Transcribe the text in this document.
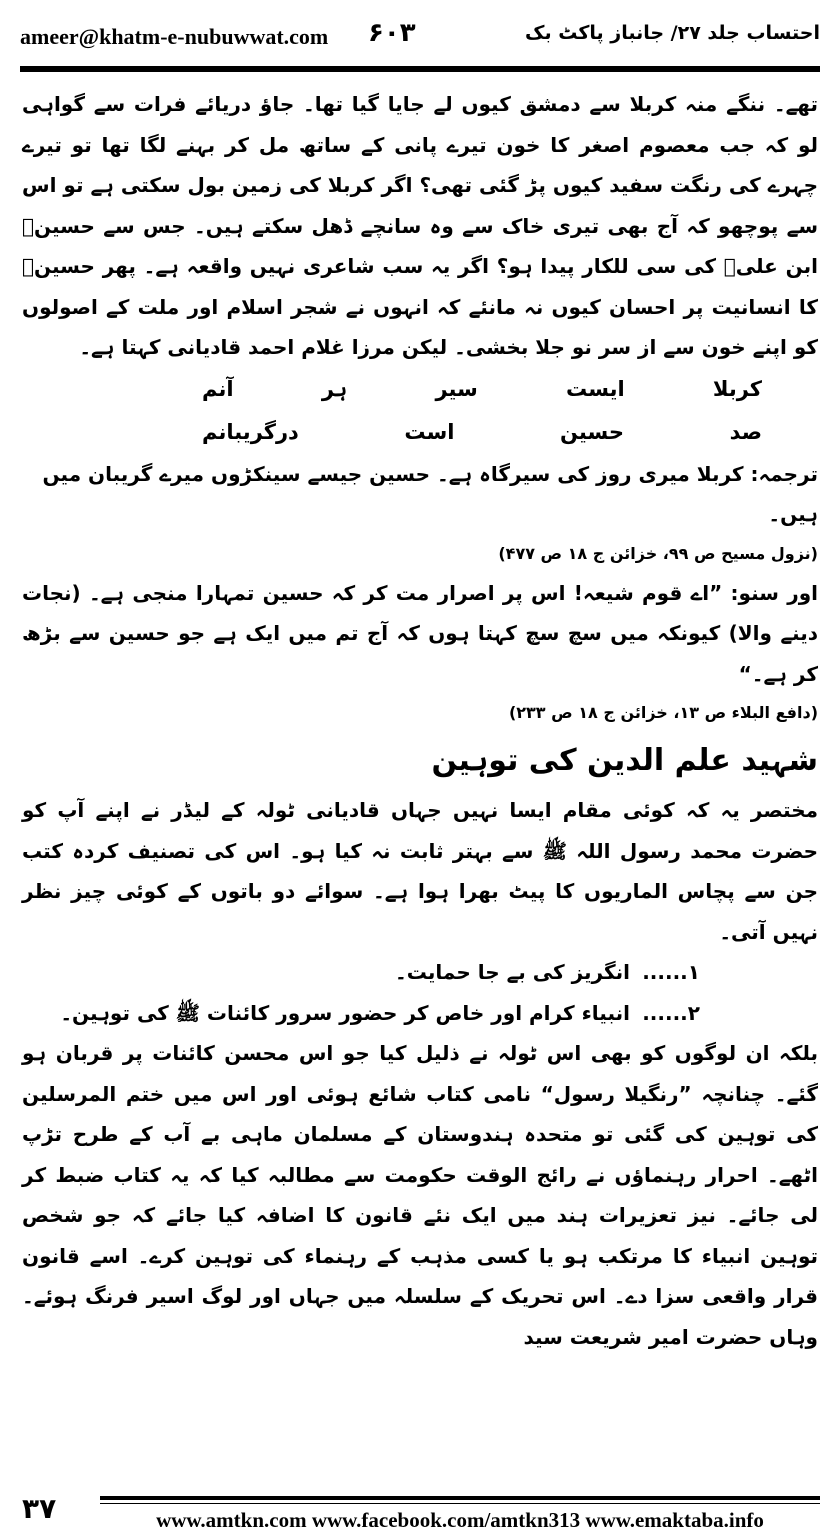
ameer@khatm-e-nubuwwat.com ۶۰۳	احتساب جلد ۲۷/ جانباز پاکٹ بک

تھے۔ ننگے منہ کربلا سے دمشق کیوں لے جایا گیا تھا۔ جاؤ دریائے فرات سے گواہی لو کہ جب معصوم اصغر کا خون تیرے پانی کے ساتھ مل کر بہنے لگا تھا تو تیرے چہرے کی رنگت سفید کیوں پڑ گئی تھی؟ اگر کربلا کی زمین بول سکتی ہے تو اس سے پوچھو کہ آج بھی تیری خاک سے وہ سانچے ڈھل سکتے ہیں۔ جس سے حسینؓ ابن علیؓ کی سی للکار پیدا ہو؟ اگر یہ سب شاعری نہیں واقعہ ہے۔ پھر حسینؓ کا انسانیت پر احسان کیوں نہ مانئے کہ انہوں نے شجر اسلام اور ملت کے اصولوں کو اپنے خون سے از سر نو جلا بخشی۔ لیکن مرزا غلام احمد قادیانی کہتا ہے۔

کربلا
ایست
سیر
ہر
آنم
صد
حسین
است
درگریبانم

ترجمہ: کربلا میری روز کی سیرگاہ ہے۔ حسین جیسے سینکڑوں میرے گریبان میں ہیں۔

(نزول مسیح ص ۹۹، خزائن ج ۱۸ ص ۴۷۷)

اور سنو: ”اے قوم شیعہ! اس پر اصرار مت کر کہ حسین تمہارا منجی ہے۔ (نجات دینے والا) کیونکہ میں سچ سچ کہتا ہوں کہ آج تم میں ایک ہے جو حسین سے بڑھ کر ہے۔“

(دافع البلاء ص ۱۳، خزائن ج ۱۸ ص ۲۳۳)

شہید علم الدین کی توہین

مختصر یہ کہ کوئی مقام ایسا نہیں جہاں قادیانی ٹولہ کے لیڈر نے اپنے آپ کو حضرت محمد رسول اللہ ﷺ سے بہتر ثابت نہ کیا ہو۔ اس کی تصنیف کردہ کتب جن سے پچاس الماریوں کا پیٹ بھرا ہوا ہے۔ سوائے دو باتوں کے کوئی چیز نظر نہیں آتی۔

۱......
انگریز کی بے جا حمایت۔
۲......
انبیاء کرام اور خاص کر حضور سرور کائنات ﷺ کی توہین۔

بلکہ ان لوگوں کو بھی اس ٹولہ نے ذلیل کیا جو اس محسن کائنات پر قربان ہو گئے۔ چنانچہ ”رنگیلا رسول“ نامی کتاب شائع ہوئی اور اس میں ختم المرسلین کی توہین کی گئی تو متحدہ ہندوستان کے مسلمان ماہی بے آب کے طرح تڑپ اٹھے۔ احرار رہنماؤں نے رائج الوقت حکومت سے مطالبہ کیا کہ یہ کتاب ضبط کر لی جائے۔ نیز تعزیرات ہند میں ایک نئے قانون کا اضافہ کیا جائے کہ جو شخص توہین انبیاء کا مرتکب ہو یا کسی مذہب کے رہنماء کی توہین کرے۔ اسے قانون قرار واقعی سزا دے۔ اس تحریک کے سلسلہ میں جہاں اور لوگ اسیر فرنگ ہوئے۔ وہاں حضرت امیر شریعت سید

۳۷	www.amtkn.com www.facebook.com/amtkn313 www.emaktaba.info
